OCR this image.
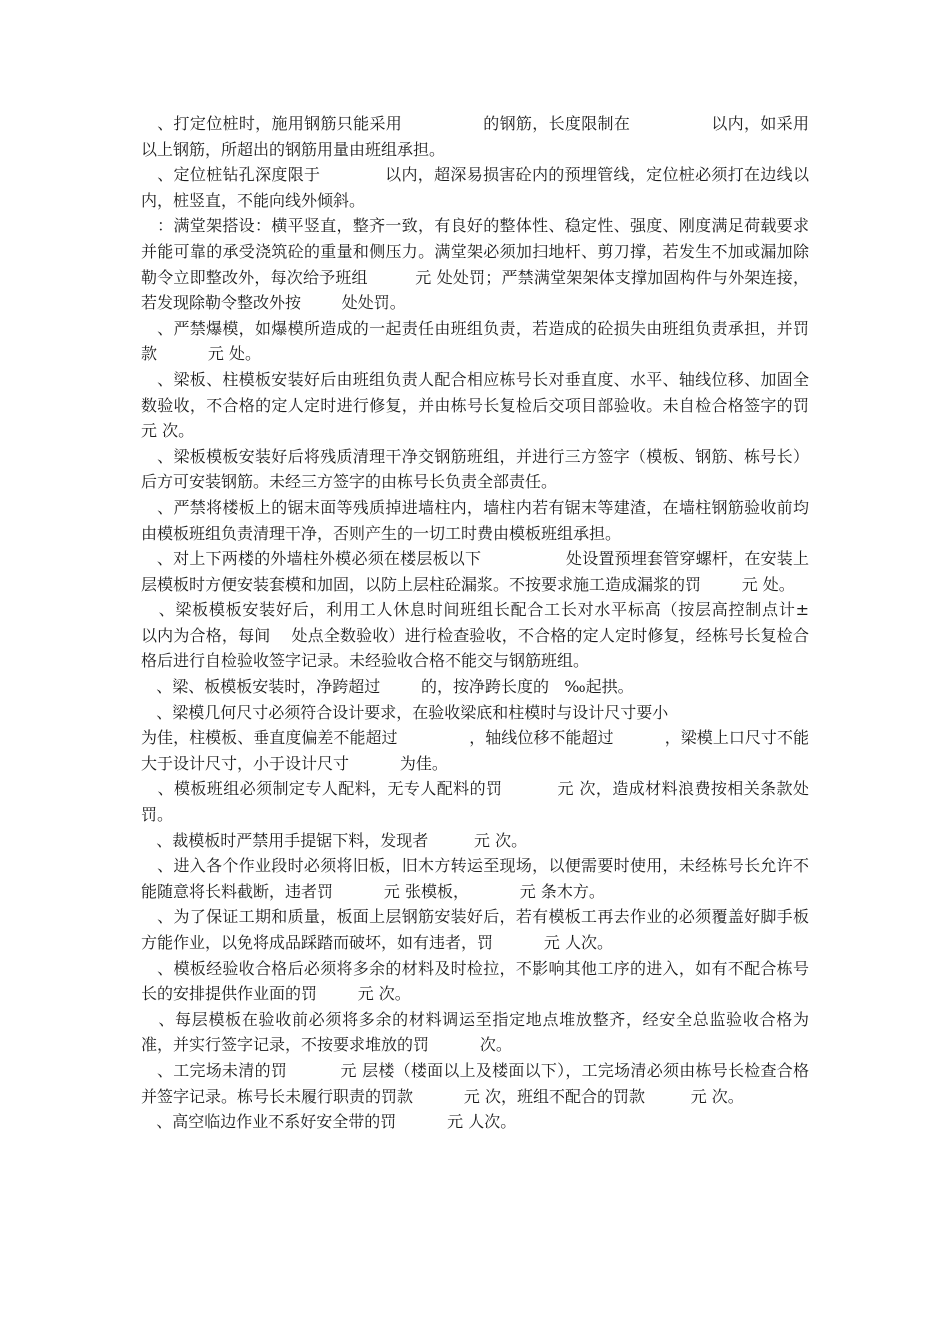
、打定位桩时，施用钢筋只能采用               的钢筋，长度限制在               以内，如采用            以上钢筋，所超出的钢筋用量由班组承担。

、定位桩钻孔深度限于            以内，超深易损害砼内的预埋管线，定位桩必须打在边线以内，桩竖直，不能向线外倾斜。

：满堂架搭设：横平竖直，整齐一致，有良好的整体性、稳定性、强度、刚度满足荷载要求并能可靠的承受浇筑砼的重量和侧压力。满堂架必须加扫地杆、剪刀撑，若发生不加或漏加除勒令立即整改外，每次给予班组         元 处处罚；严禁满堂架架体支撑加固构件与外架连接，若发现除勒令整改外按        处处罚。

、严禁爆模，如爆模所造成的一起责任由班组负责，若造成的砼损失由班组负责承担，并罚款          元 处。

、梁板、柱模板安装好后由班组负责人配合相应栋号长对垂直度、水平、轴线位移、加固全数验收，不合格的定人定时进行修复，并由栋号长复检后交项目部验收。未自检合格签字的罚          元 次。

、梁板模板安装好后将残质清理干净交钢筋班组，并进行三方签字（模板、钢筋、栋号长）后方可安装钢筋。未经三方签字的由栋号长负责全部责任。

、严禁将楼板上的锯末面等残质掉进墙柱内，墙柱内若有锯末等建渣，在墙柱钢筋验收前均由模板班组负责清理干净，否则产生的一切工时费由模板班组承担。

、对上下两楼的外墙柱外模必须在楼层板以下                处设置预埋套管穿螺杆，在安装上层模板时方便安装套模和加固，以防上层柱砼漏浆。不按要求施工造成漏浆的罚        元 处。

、梁板模板安装好后，利用工人休息时间班组长配合工长对水平标高（按层高控制点计±          以内为合格，每间    处点全数验收）进行检查验收，不合格的定人定时修复，经栋号长复检合格后进行自检验收签字记录。未经验收合格不能交与钢筋班组。

、梁、板模板安装时，净跨超过        的，按净跨长度的   ‰起拱。

、梁模几何尺寸必须符合设计要求，在验收梁底和柱模时与设计尺寸要小

为佳，柱模板、垂直度偏差不能超过              ，轴线位移不能超过          ，梁模上口尺寸不能大于设计尺寸，小于设计尺寸          为佳。

、模板班组必须制定专人配料，无专人配料的罚          元 次，造成材料浪费按相关条款处罚。

、裁模板时严禁用手提锯下料，发现者         元 次。

、进入各个作业段时必须将旧板，旧木方转运至现场，以便需要时使用，未经栋号长允许不能随意将长料截断，违者罚          元 张模板，          元 条木方。

、为了保证工期和质量，板面上层钢筋安装好后，若有模板工再去作业的必须覆盖好脚手板方能作业，以免将成品踩踏而破坏，如有违者，罚          元 人次。

、模板经验收合格后必须将多余的材料及时检拉，不影响其他工序的进入，如有不配合栋号长的安排提供作业面的罚        元 次。

、每层模板在验收前必须将多余的材料调运至指定地点堆放整齐，经安全总监验收合格为准，并实行签字记录，不按要求堆放的罚          次。

、工完场未清的罚          元 层楼（楼面以上及楼面以下），工完场清必须由栋号长检查合格并签字记录。栋号长未履行职责的罚款          元 次，班组不配合的罚款         元 次。

、高空临边作业不系好安全带的罚          元 人次。
